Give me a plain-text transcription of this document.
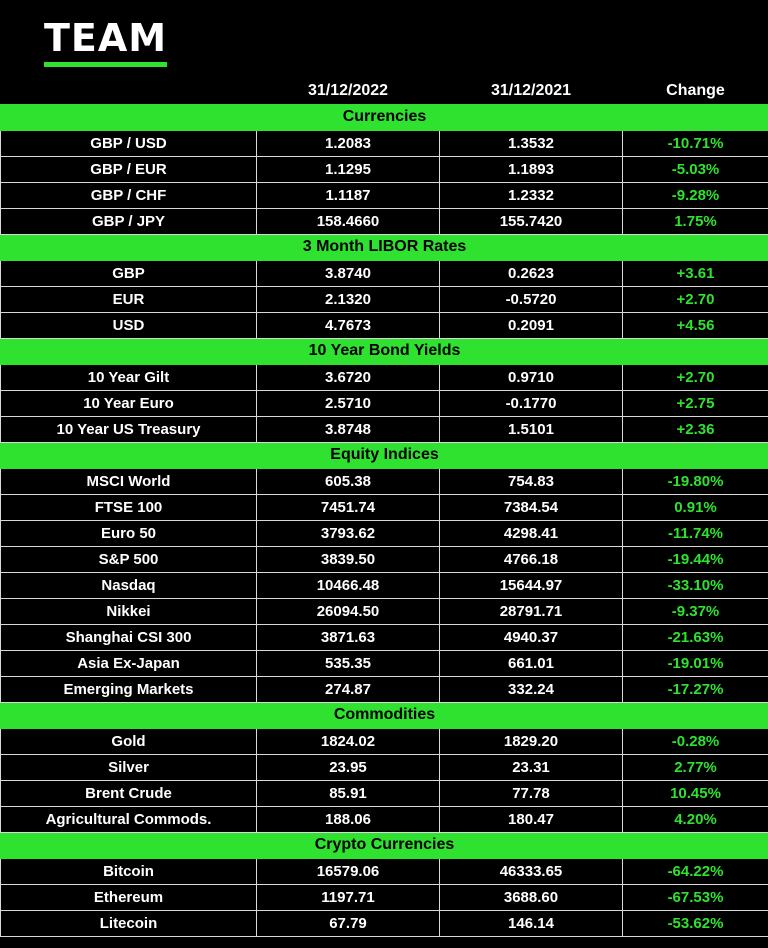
TEAM
	31/12/2022	31/12/2021	Change
Currencies			
GBP / USD	1.2083	1.3532	-10.71%
GBP / EUR	1.1295	1.1893	-5.03%
GBP / CHF	1.1187	1.2332	-9.28%
GBP / JPY	158.4660	155.7420	1.75%
3 Month LIBOR Rates			
GBP	3.8740	0.2623	+3.61
EUR	2.1320	-0.5720	+2.70
USD	4.7673	0.2091	+4.56
10 Year Bond Yields			
10 Year Gilt	3.6720	0.9710	+2.70
10 Year Euro	2.5710	-0.1770	+2.75
10 Year US Treasury	3.8748	1.5101	+2.36
Equity Indices			
MSCI World	605.38	754.83	-19.80%
FTSE 100	7451.74	7384.54	0.91%
Euro 50	3793.62	4298.41	-11.74%
S&P 500	3839.50	4766.18	-19.44%
Nasdaq	10466.48	15644.97	-33.10%
Nikkei	26094.50	28791.71	-9.37%
Shanghai CSI 300	3871.63	4940.37	-21.63%
Asia Ex-Japan	535.35	661.01	-19.01%
Emerging Markets	274.87	332.24	-17.27%
Commodities			
Gold	1824.02	1829.20	-0.28%
Silver	23.95	23.31	2.77%
Brent Crude	85.91	77.78	10.45%
Agricultural Commods.	188.06	180.47	4.20%
Crypto Currencies			
Bitcoin	16579.06	46333.65	-64.22%
Ethereum	1197.71	3688.60	-67.53%
Litecoin	67.79	146.14	-53.62%
